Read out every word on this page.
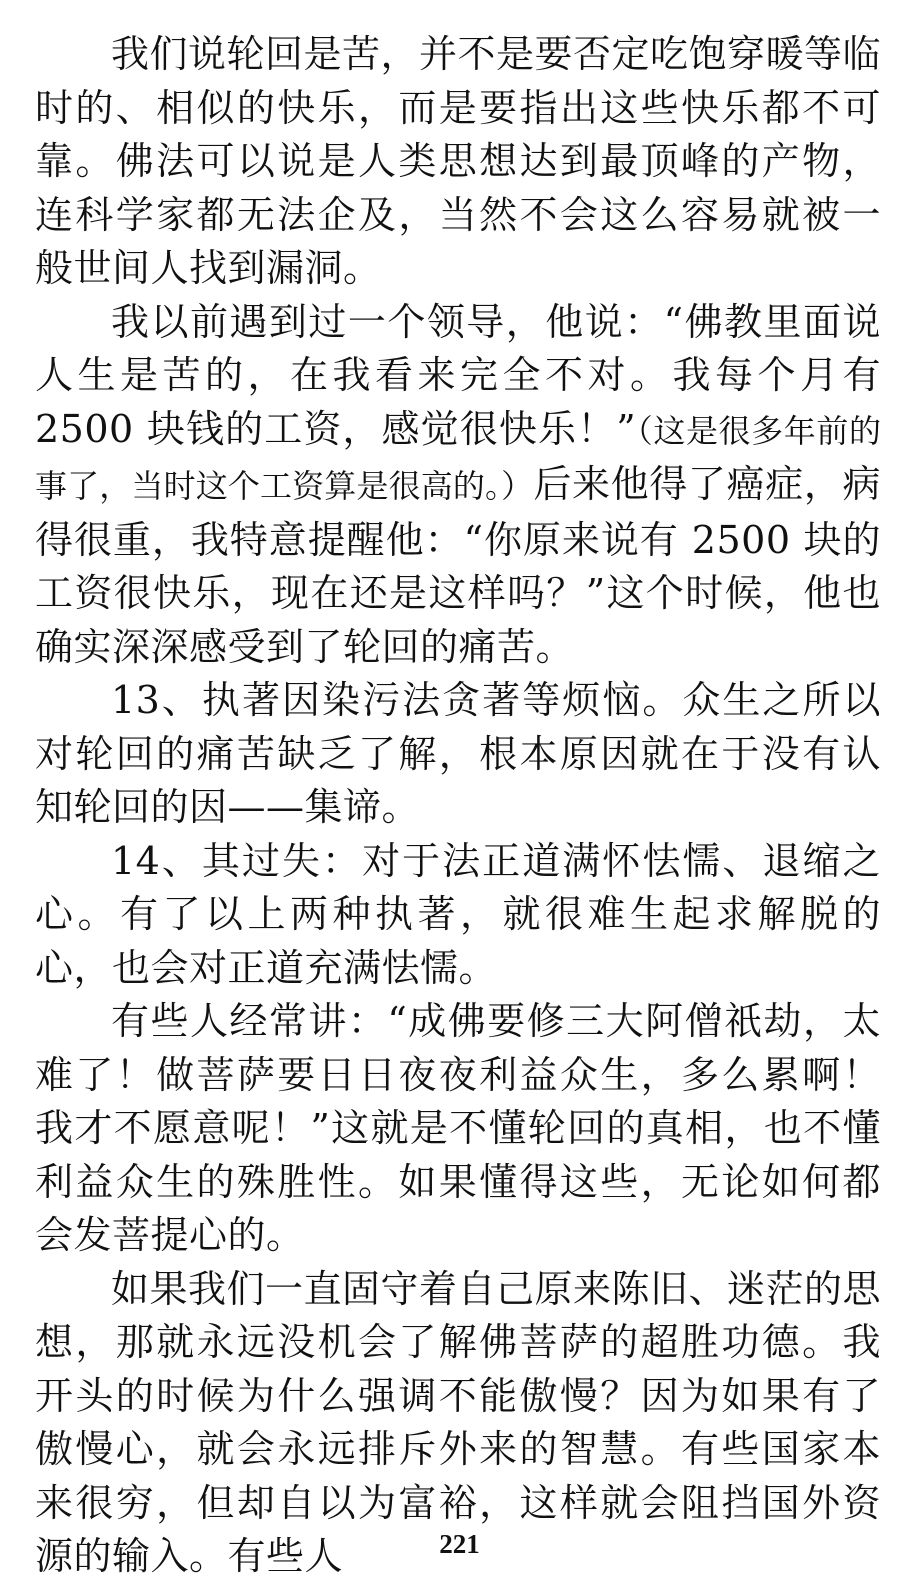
我们说轮回是苦，并不是要否定吃饱穿暖等临时的、相似的快乐，而是要指出这些快乐都不可靠。佛法可以说是人类思想达到最顶峰的产物，连科学家都无法企及，当然不会这么容易就被一般世间人找到漏洞。

我以前遇到过一个领导，他说：“佛教里面说人生是苦的，在我看来完全不对。我每个月有 2500 块钱的工资，感觉很快乐！”（这是很多年前的事了，当时这个工资算是很高的。）后来他得了癌症，病得很重，我特意提醒他：“你原来说有 2500 块的工资很快乐，现在还是这样吗？”这个时候，他也确实深深感受到了轮回的痛苦。

13、执著因染污法贪著等烦恼。众生之所以对轮回的痛苦缺乏了解，根本原因就在于没有认知轮回的因——集谛。

14、其过失：对于法正道满怀怯懦、退缩之心。有了以上两种执著，就很难生起求解脱的心，也会对正道充满怯懦。

有些人经常讲：“成佛要修三大阿僧祇劫，太难了！做菩萨要日日夜夜利益众生，多么累啊！我才不愿意呢！”这就是不懂轮回的真相，也不懂利益众生的殊胜性。如果懂得这些，无论如何都会发菩提心的。

如果我们一直固守着自己原来陈旧、迷茫的思想，那就永远没机会了解佛菩萨的超胜功德。我开头的时候为什么强调不能傲慢？因为如果有了傲慢心，就会永远排斥外来的智慧。有些国家本来很穷，但却自以为富裕，这样就会阻挡国外资源的输入。有些人	221
